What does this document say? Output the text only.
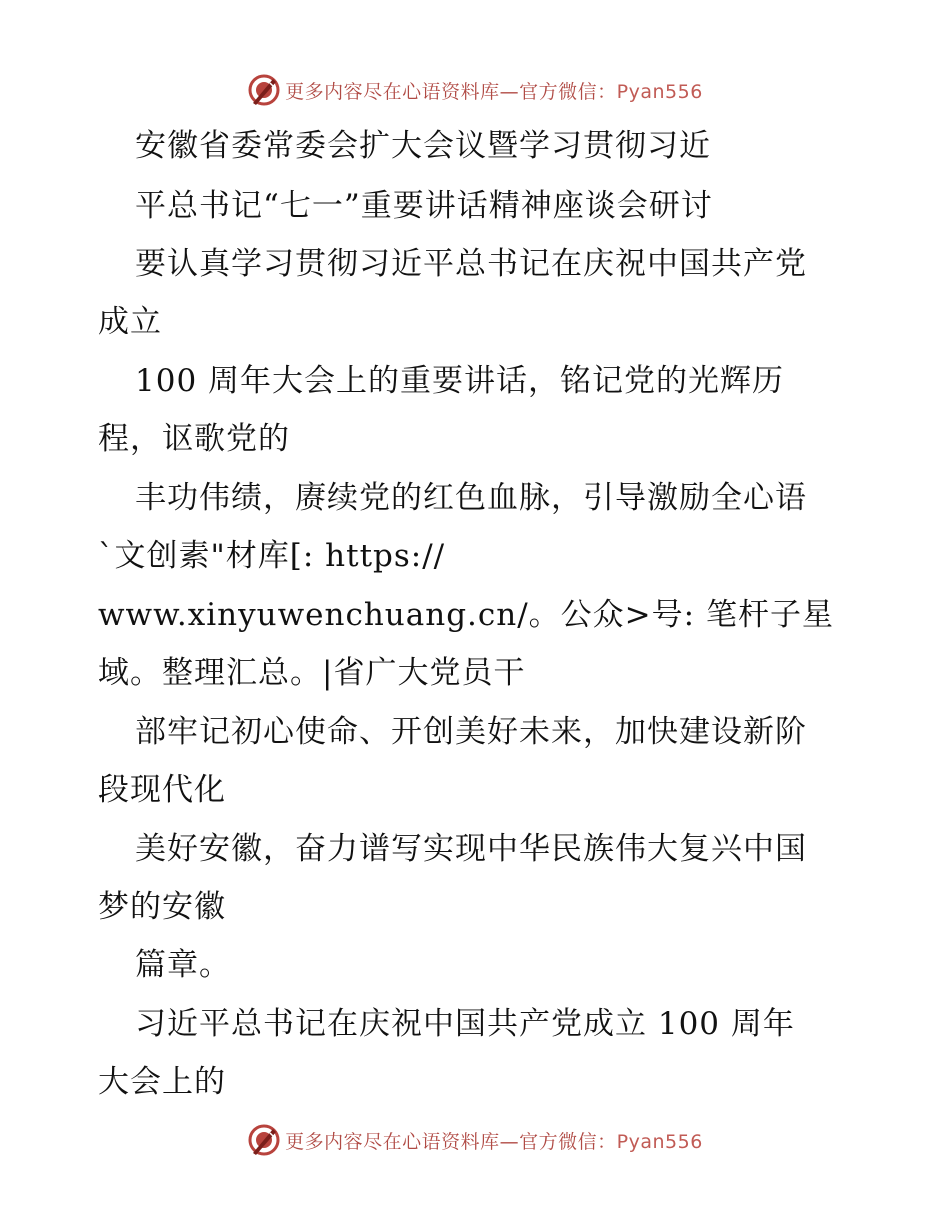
更多内容尽在心语资料库—官方微信：Pyan556
安徽省委常委会扩大会议暨学习贯彻习近
平总书记“七一”重要讲话精神座谈会研讨
要认真学习贯彻习近平总书记在庆祝中国共产党
成立
100 周年大会上的重要讲话，铭记党的光辉历
程，讴歌党的
丰功伟绩，赓续党的红色血脉，引导激励全心语
`文创素"材库[: https://
www.xinyuwenchuang.cn/。公众>号: 笔杆子星
域。整理汇总。|省广大党员干
部牢记初心使命、开创美好未来，加快建设新阶
段现代化
美好安徽，奋力谱写实现中华民族伟大复兴中国
梦的安徽
篇章。
习近平总书记在庆祝中国共产党成立 100 周年
大会上的
更多内容尽在心语资料库—官方微信：Pyan556
